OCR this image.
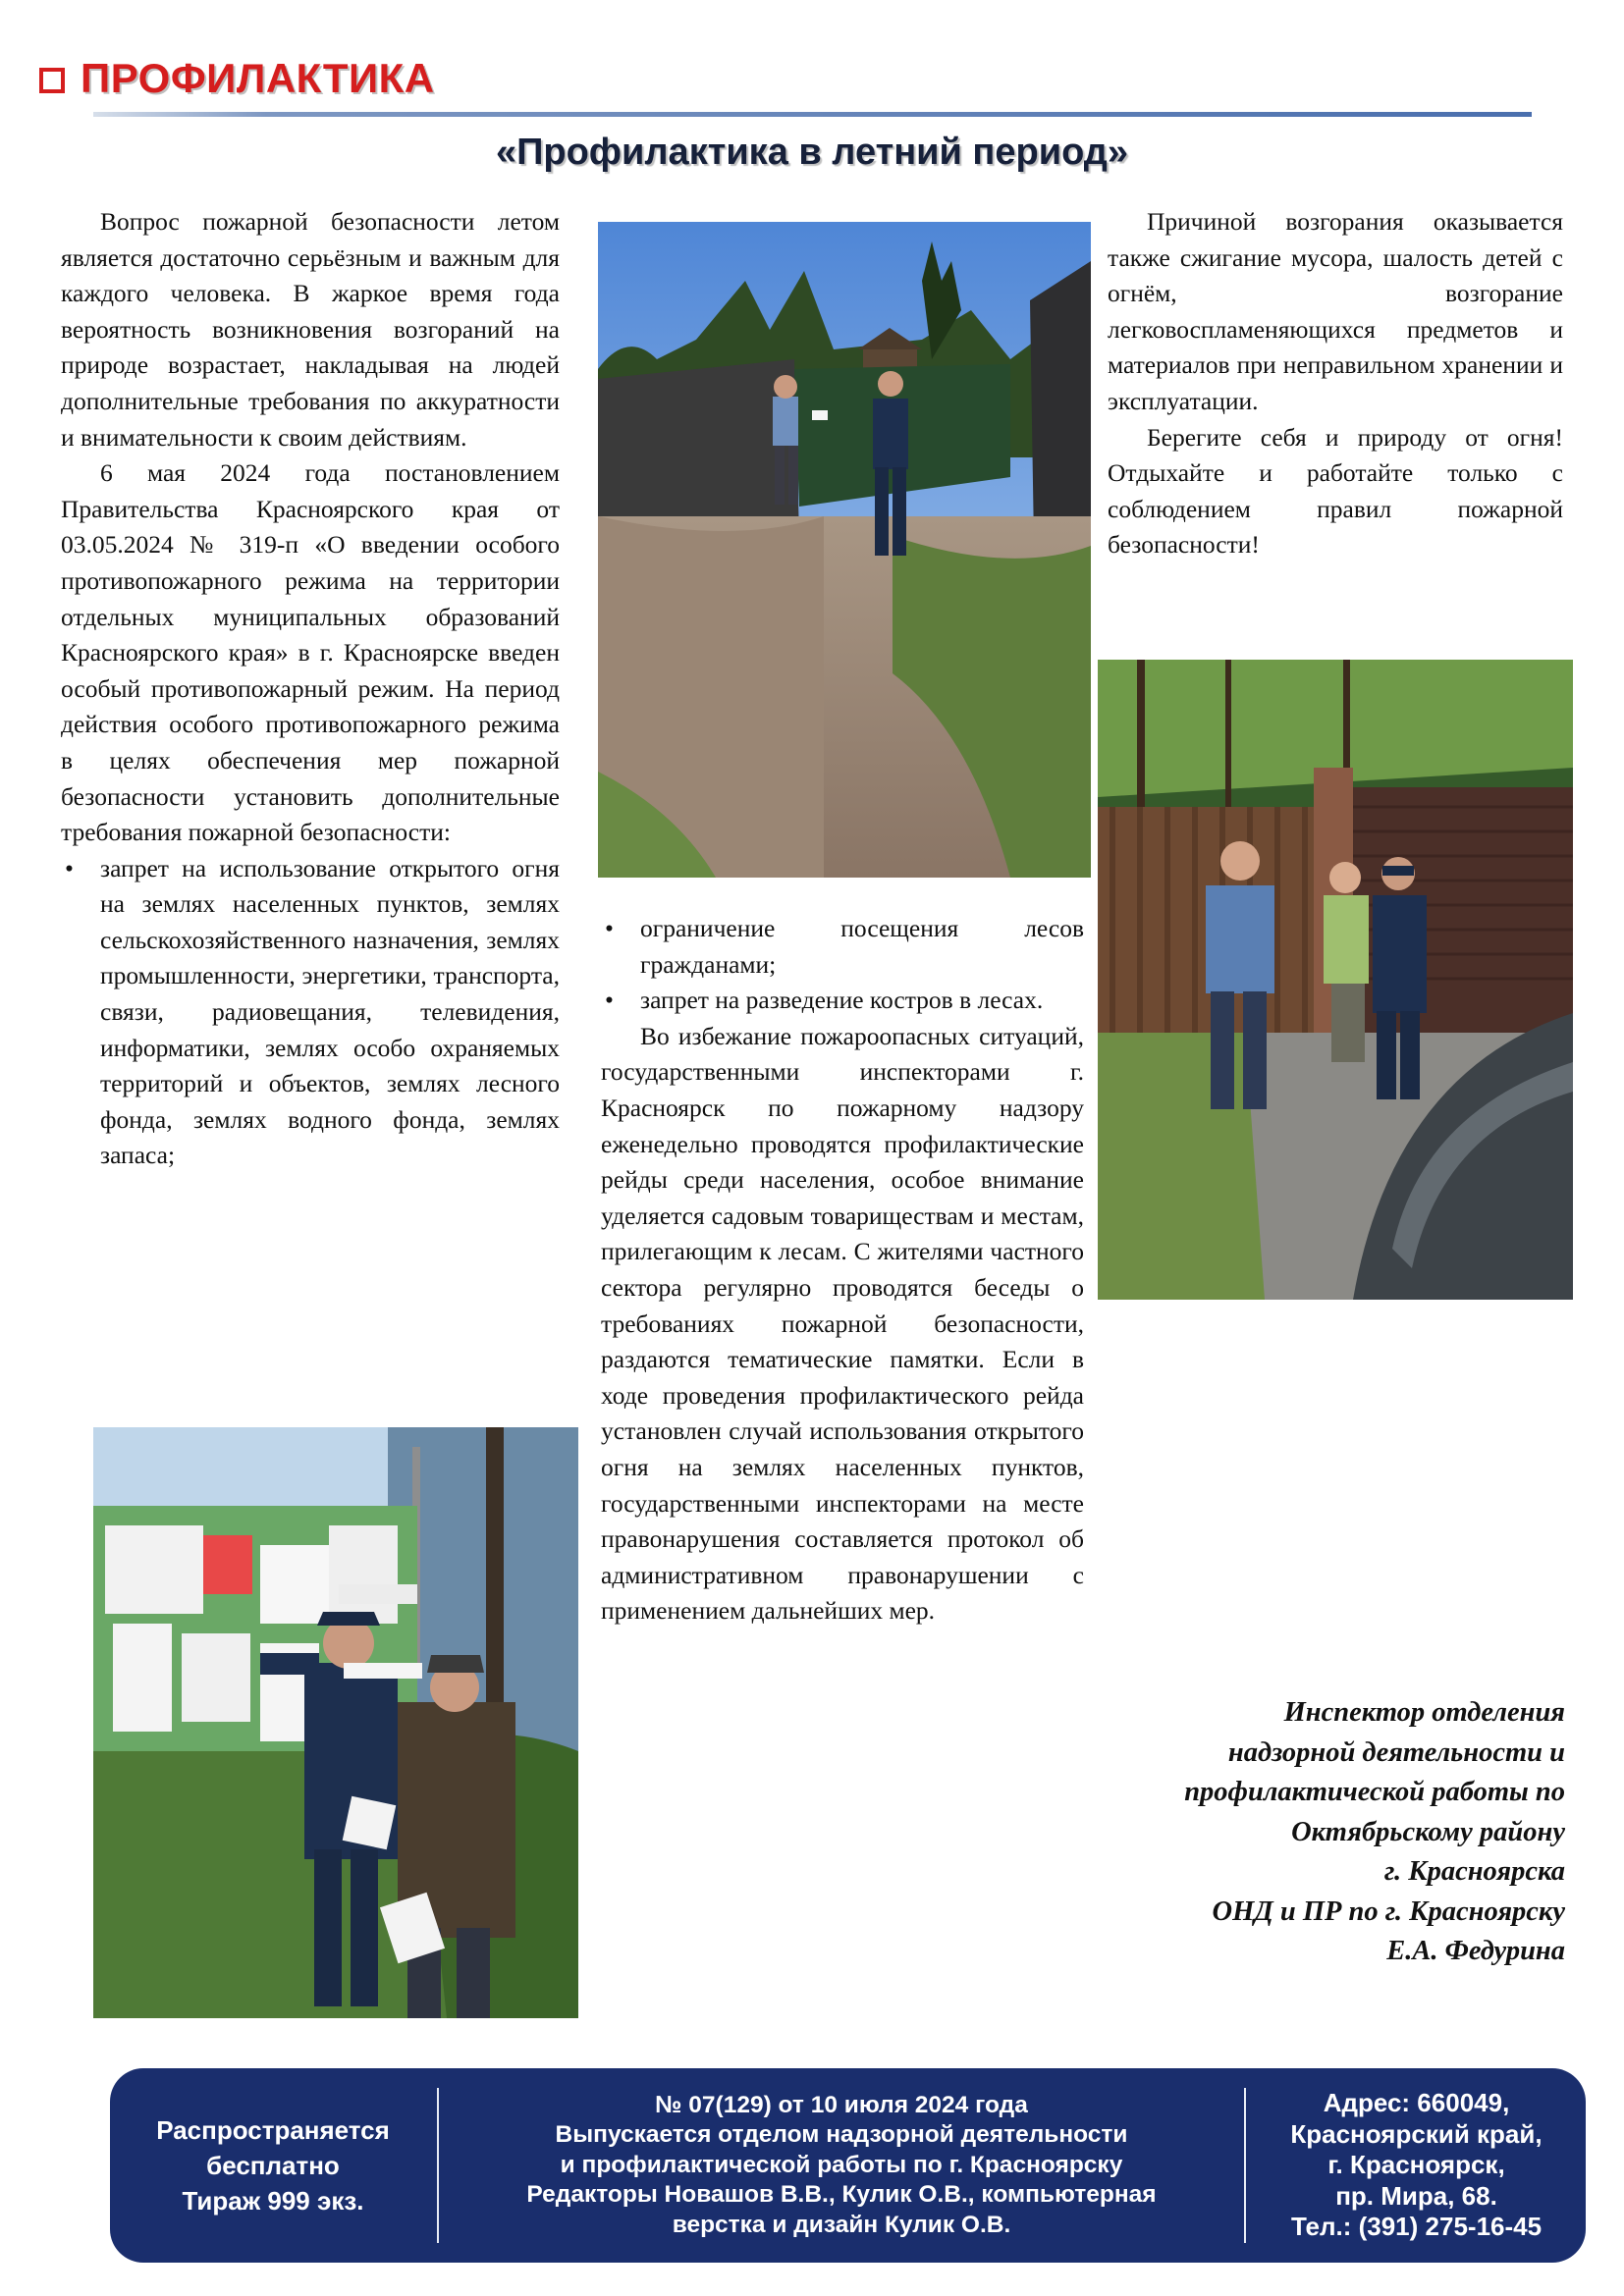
ПРОФИЛАКТИКА
«Профилактика в летний период»

Вопрос пожарной безопасности летом является достаточно серьёзным и важным для каждого человека. В жаркое время года вероятность возникновения возгораний на природе возрастает, накладывая на людей дополнительные требования по аккуратности и внимательности к своим действиям.

6 мая 2024 года постановлением Правительства Красноярского края от 03.05.2024 № 319-п «О введении особого противопожарного режима на территории отдельных муниципальных образований Красноярского края» в г. Красноярске введен особый противопожарный режим. На период действия особого противопожарного режима в целях обеспечения мер пожарной безопасности установить дополнительные требования пожарной безопасности:

• запрет на использование открытого огня на землях населенных пунктов, землях сельскохозяйственного назначения, землях промышленности, энергетики, транспорта, связи, радиовещания, телевидения, информатики, землях особо охраняемых территорий и объектов, землях лесного фонда, землях водного фонда, землях запаса;
• ограничение посещения лесов гражданами;
• запрет на разведение костров в лесах.

Во избежание пожароопасных ситуаций, государственными инспекторами г. Красноярск по пожарному надзору еженедельно проводятся профилактические рейды среди населения, особое внимание уделяется садовым товариществам и местам, прилегающим к лесам. С жителями частного сектора регулярно проводятся беседы о требованиях пожарной безопасности, раздаются тематические памятки. Если в ходе проведения профилактического рейда установлен случай использования открытого огня на землях населенных пунктов, государственными инспекторами на месте правонарушения составляется протокол об административном правонарушении с применением дальнейших мер.

Причиной возгорания оказывается также сжигание мусора, шалость детей с огнём, возгорание легковоспламеняющихся предметов и материалов при неправильном хранении и эксплуатации.

Берегите себя и природу от огня! Отдыхайте и работайте только с соблюдением правил пожарной безопасности!

Инспектор отделения
надзорной деятельности и
профилактической работы по
Октябрьскому району
г. Красноярска
ОНД и ПР по г. Красноярску
Е.А. Федурина
Распространяется
бесплатно
Тираж 999 экз.
№ 07(129) от 10 июля 2024 года
Выпускается отделом надзорной деятельности
и профилактической работы по г. Красноярску
Редакторы Новашов В.В., Кулик О.В., компьютерная
верстка и дизайн Кулик О.В.
Адрес: 660049,
Красноярский край,
г. Красноярск,
пр. Мира, 68.
Тел.: (391) 275-16-45
